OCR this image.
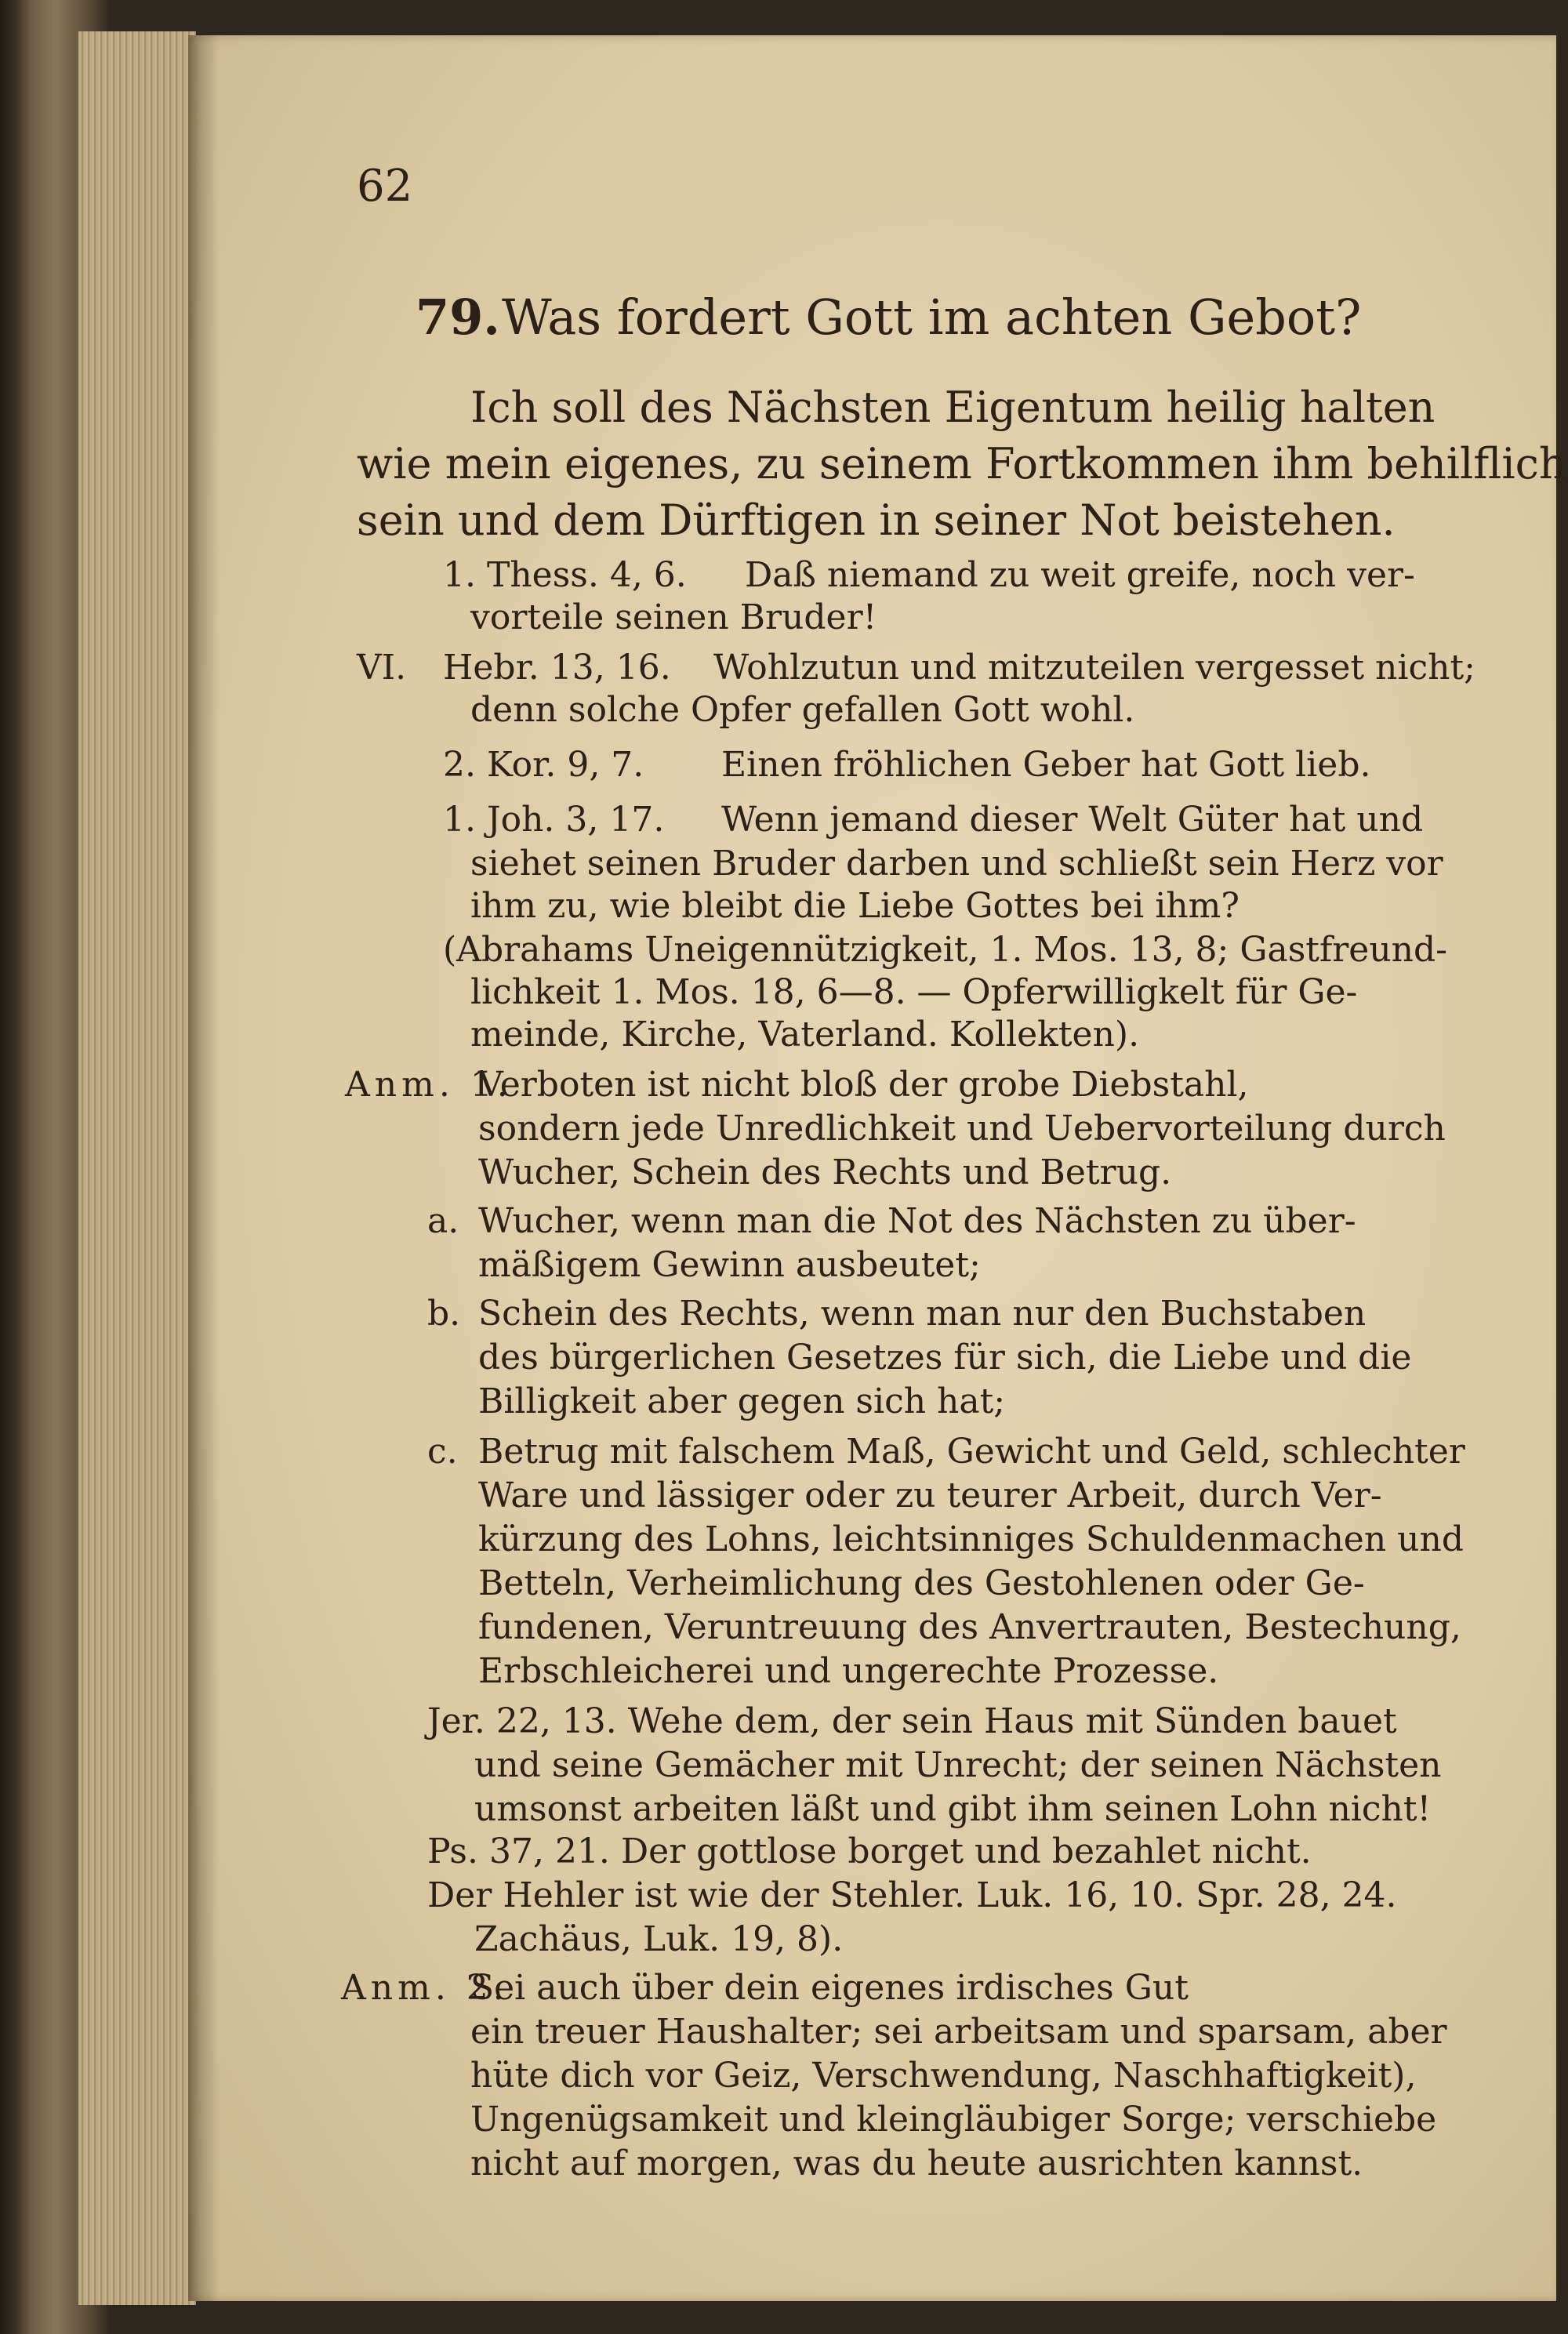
62
79. Was fordert Gott im achten Gebot?
Ich soll des Nächsten Eigentum heilig halten
wie mein eigenes, zu seinem Fortkommen ihm behilflich
sein und dem Dürftigen in seiner Not beistehen.
1. Thess. 4, 6. Daß niemand zu weit greife, noch ver-
vorteile seinen Bruder!
VI. Hebr. 13, 16. Wohlzutun und mitzuteilen vergesset nicht;
denn solche Opfer gefallen Gott wohl.
2. Kor. 9, 7. Einen fröhlichen Geber hat Gott lieb.
1. Joh. 3, 17. Wenn jemand dieser Welt Güter hat und
siehet seinen Bruder darben und schließt sein Herz vor
ihm zu, wie bleibt die Liebe Gottes bei ihm?
(Abrahams Uneigennützigkeit, 1. Mos. 13, 8; Gastfreund-
lichkeit 1. Mos. 18, 6—8. — Opferwilligkelt für Ge-
meinde, Kirche, Vaterland. Kollekten).
Anm. 1.
Verboten ist nicht bloß der grobe Diebstahl,
sondern jede Unredlichkeit und Uebervorteilung durch
Wucher, Schein des Rechts und Betrug.
a. Wucher, wenn man die Not des Nächsten zu über-
mäßigem Gewinn ausbeutet;
b. Schein des Rechts, wenn man nur den Buchstaben
des bürgerlichen Gesetzes für sich, die Liebe und die
Billigkeit aber gegen sich hat;
c. Betrug mit falschem Maß, Gewicht und Geld, schlechter
Ware und lässiger oder zu teurer Arbeit, durch Ver-
kürzung des Lohns, leichtsinniges Schuldenmachen und
Betteln, Verheimlichung des Gestohlenen oder Ge-
fundenen, Veruntreuung des Anvertrauten, Bestechung,
Erbschleicherei und ungerechte Prozesse.
Jer. 22, 13. Wehe dem, der sein Haus mit Sünden bauet
und seine Gemächer mit Unrecht; der seinen Nächsten
umsonst arbeiten läßt und gibt ihm seinen Lohn nicht!
Ps. 37, 21. Der gottlose borget und bezahlet nicht.
Der Hehler ist wie der Stehler. Luk. 16, 10. Spr. 28, 24.
Zachäus, Luk. 19, 8).
Anm. 2.
Sei auch über dein eigenes irdisches Gut
ein treuer Haushalter; sei arbeitsam und sparsam, aber
hüte dich vor Geiz, Verschwendung, Naschhaftigkeit),
Ungenügsamkeit und kleingläubiger Sorge; verschiebe
nicht auf morgen, was du heute ausrichten kannst.
